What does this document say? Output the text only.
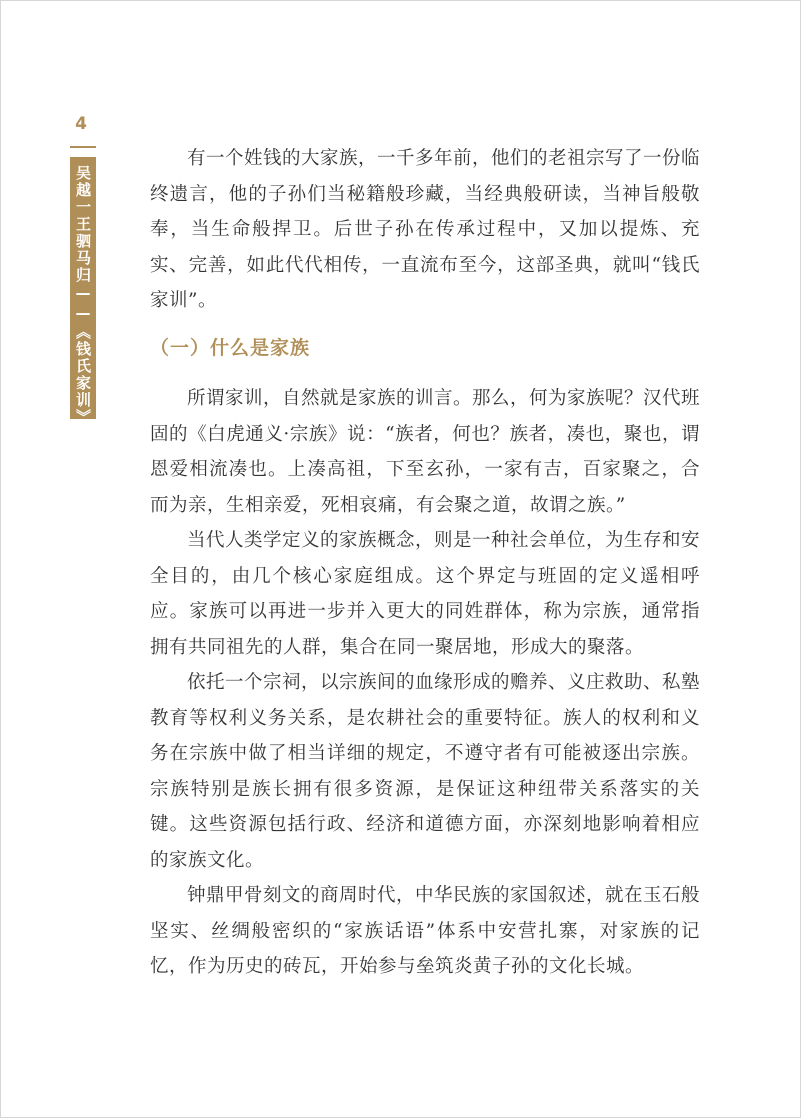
4
吴越一王驷马归——《钱氏家训》释读

有一个姓钱的大家族，一千多年前，他们的老祖宗写了一份临终遗言，他的子孙们当秘籍般珍藏，当经典般研读，当神旨般敬奉，当生命般捍卫。后世子孙在传承过程中，又加以提炼、充实、完善，如此代代相传，一直流布至今，这部圣典，就叫“钱氏家训”。

（一）什么是家族

所谓家训，自然就是家族的训言。那么，何为家族呢？汉代班固的《白虎通义·宗族》说：“族者，何也？族者，凑也，聚也，谓恩爱相流凑也。上凑高祖，下至玄孙，一家有吉，百家聚之，合而为亲，生相亲爱，死相哀痛，有会聚之道，故谓之族。”

当代人类学定义的家族概念，则是一种社会单位，为生存和安全目的，由几个核心家庭组成。这个界定与班固的定义遥相呼应。家族可以再进一步并入更大的同姓群体，称为宗族，通常指拥有共同祖先的人群，集合在同一聚居地，形成大的聚落。

依托一个宗祠，以宗族间的血缘形成的赡养、义庄救助、私塾教育等权利义务关系，是农耕社会的重要特征。族人的权利和义务在宗族中做了相当详细的规定，不遵守者有可能被逐出宗族。宗族特别是族长拥有很多资源，是保证这种纽带关系落实的关键。这些资源包括行政、经济和道德方面，亦深刻地影响着相应的家族文化。

钟鼎甲骨刻文的商周时代，中华民族的家国叙述，就在玉石般坚实、丝绸般密织的“家族话语”体系中安营扎寨，对家族的记忆，作为历史的砖瓦，开始参与垒筑炎黄子孙的文化长城。
